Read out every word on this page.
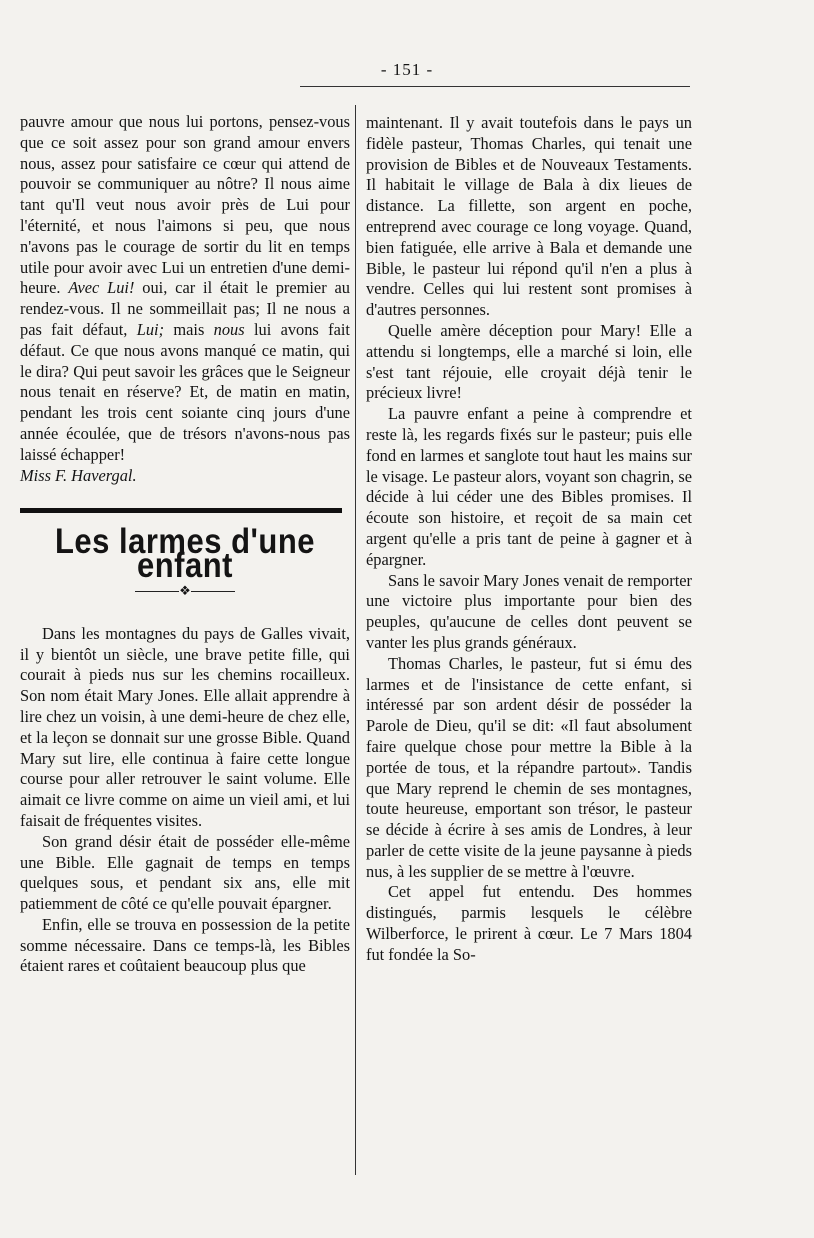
- 151 -

pauvre amour que nous lui portons, pensez-vous que ce soit assez pour son grand amour envers nous, assez pour satisfaire ce cœur qui attend de pouvoir se communiquer au nôtre? Il nous aime tant qu'Il veut nous avoir près de Lui pour l'éternité, et nous l'aimons si peu, que nous n'avons pas le courage de sortir du lit en temps utile pour avoir avec Lui un entretien d'une demi-heure. Avec Lui! oui, car il était le premier au rendez-vous. Il ne sommeillait pas; Il ne nous a pas fait défaut, Lui; mais nous lui avons fait défaut. Ce que nous avons manqué ce matin, qui le dira? Qui peut savoir les grâces que le Seigneur nous tenait en réserve? Et, de matin en matin, pendant les trois cent soiante cinq jours d'une année écoulée, que de trésors n'avons-nous pas laissé échapper!

Miss F. Havergal.

Les larmes d'une enfant
❖

Dans les montagnes du pays de Galles vivait, il y bientôt un siècle, une brave petite fille, qui courait à pieds nus sur les chemins rocailleux. Son nom était Mary Jones. Elle allait apprendre à lire chez un voisin, à une demi-heure de chez elle, et la leçon se donnait sur une grosse Bible. Quand Mary sut lire, elle continua à faire cette longue course pour aller retrouver le saint volume. Elle aimait ce livre comme on aime un vieil ami, et lui faisait de fréquentes visites.

Son grand désir était de posséder elle-même une Bible. Elle gagnait de temps en temps quelques sous, et pendant six ans, elle mit patiemment de côté ce qu'elle pouvait épargner.

Enfin, elle se trouva en possession de la petite somme nécessaire. Dans ce temps-là, les Bibles étaient rares et coûtaient beaucoup plus que

maintenant. Il y avait toutefois dans le pays un fidèle pasteur, Thomas Charles, qui tenait une provision de Bibles et de Nouveaux Testaments. Il habitait le village de Bala à dix lieues de distance. La fillette, son argent en poche, entreprend avec courage ce long voyage. Quand, bien fatiguée, elle arrive à Bala et demande une Bible, le pasteur lui répond qu'il n'en a plus à vendre. Celles qui lui restent sont promises à d'autres personnes.

Quelle amère déception pour Mary! Elle a attendu si longtemps, elle a marché si loin, elle s'est tant réjouie, elle croyait déjà tenir le précieux livre!

La pauvre enfant a peine à comprendre et reste là, les regards fixés sur le pasteur; puis elle fond en larmes et sanglote tout haut les mains sur le visage. Le pasteur alors, voyant son chagrin, se décide à lui céder une des Bibles promises. Il écoute son histoire, et reçoit de sa main cet argent qu'elle a pris tant de peine à gagner et à épargner.

Sans le savoir Mary Jones venait de remporter une victoire plus importante pour bien des peuples, qu'aucune de celles dont peuvent se vanter les plus grands généraux.

Thomas Charles, le pasteur, fut si ému des larmes et de l'insistance de cette enfant, si intéressé par son ardent désir de posséder la Parole de Dieu, qu'il se dit: «Il faut absolument faire quelque chose pour mettre la Bible à la portée de tous, et la répandre partout». Tandis que Mary reprend le chemin de ses montagnes, toute heureuse, emportant son trésor, le pasteur se décide à écrire à ses amis de Londres, à leur parler de cette visite de la jeune paysanne à pieds nus, à les supplier de se mettre à l'œuvre.

Cet appel fut entendu. Des hommes distingués, parmis lesquels le célèbre Wilberforce, le prirent à cœur. Le 7 Mars 1804 fut fondée la So-
